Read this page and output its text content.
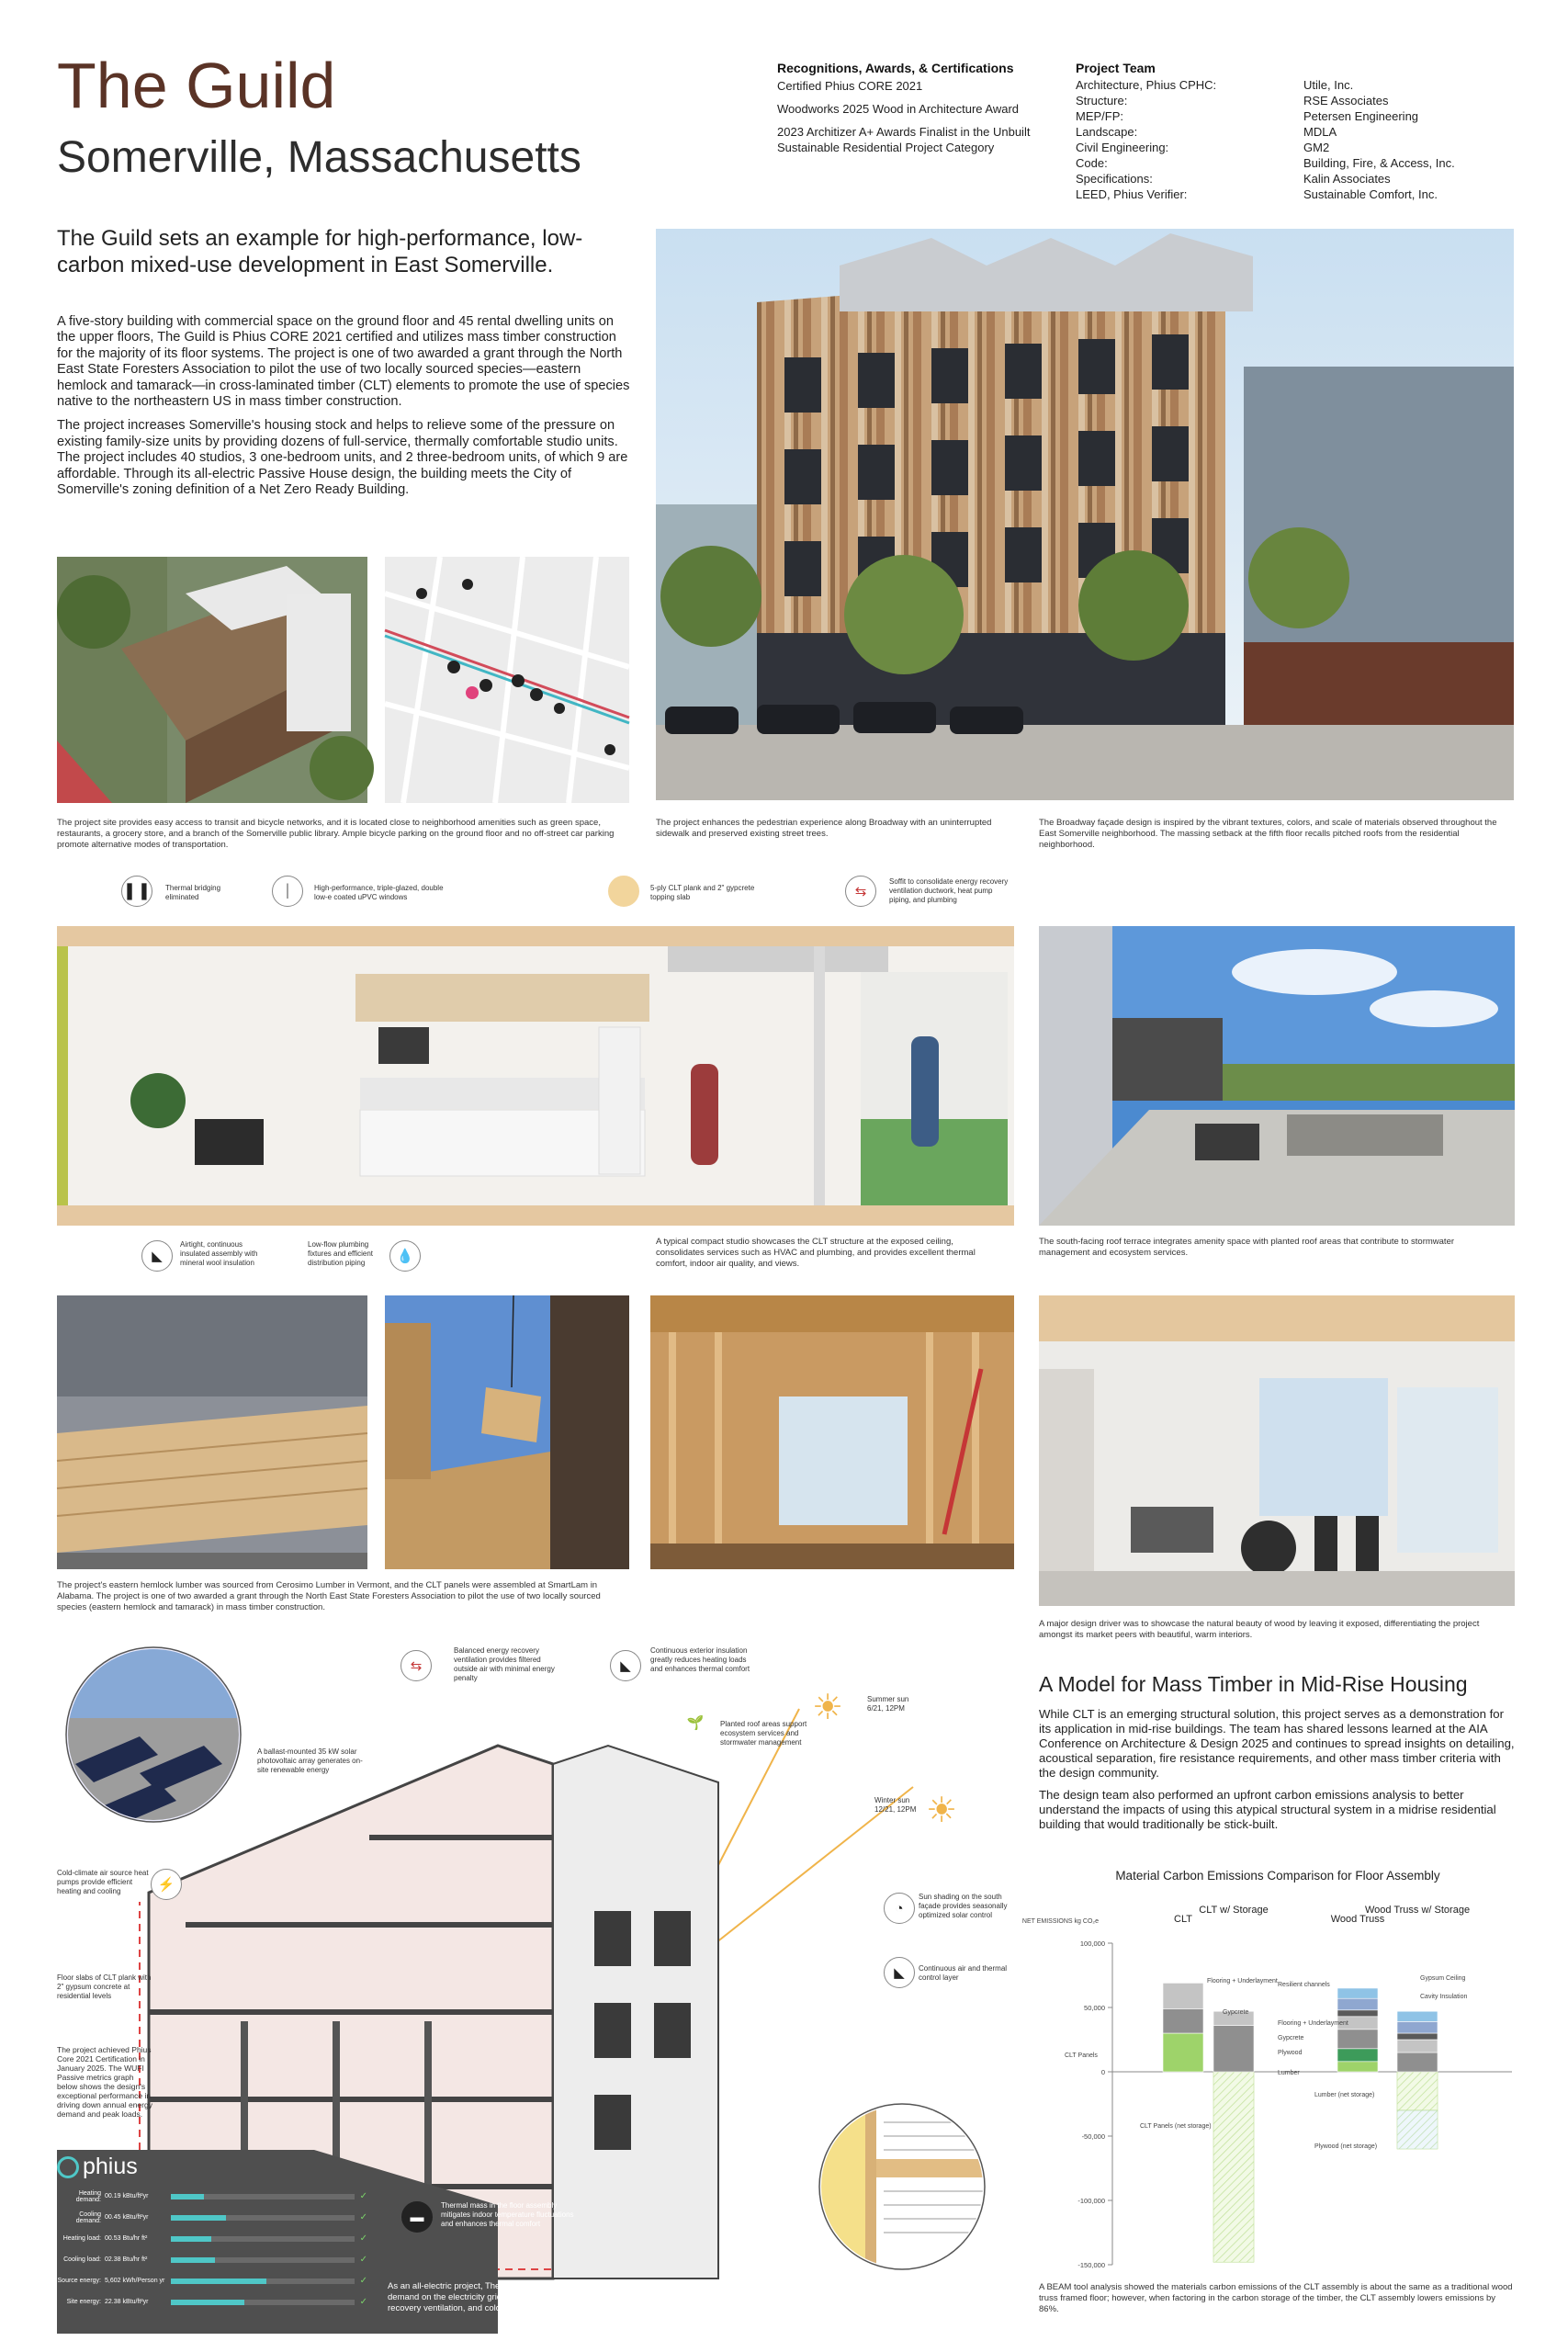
The Guild
Somerville, Massachusetts
Recognitions, Awards, & Certifications
Certified Phius CORE 2021
Woodworks 2025 Wood in Architecture Award
2023 Architizer A+ Awards Finalist in the Unbuilt Sustainable Residential Project Category
Project Team
Architecture, Phius CPHC:	Utile, Inc.
Structure:	RSE Associates
MEP/FP:	Petersen Engineering
Landscape:	MDLA
Civil Engineering:	GM2
Code:	Building, Fire, & Access, Inc.
Specifications:	Kalin Associates
LEED, Phius Verifier:	Sustainable Comfort, Inc.
The Guild sets an example for high-performance, low-carbon mixed-use development in East Somerville.

A five-story building with commercial space on the ground floor and 45 rental dwelling units on the upper floors, The Guild is Phius CORE 2021 certified and utilizes mass timber construction for the majority of its floor systems. The project is one of two awarded a grant through the North East State Foresters Association to pilot the use of two locally sourced species—eastern hemlock and tamarack—in cross-laminated timber (CLT) elements to promote the use of species native to the northeastern US in mass timber construction.

The project increases Somerville's housing stock and helps to relieve some of the pressure on existing family-size units by providing dozens of full-service, thermally comfortable studio units. The project includes 40 studios, 3 one-bedroom units, and 2 three-bedroom units, of which 9 are affordable. Through its all-electric Passive House design, the building meets the City of Somerville's zoning definition of a Net Zero Ready Building.

The project site provides easy access to transit and bicycle networks, and it is located close to neighborhood amenities such as green space, restaurants, a grocery store, and a branch of the Somerville public library. Ample bicycle parking on the ground floor and no off-street car parking promote alternative modes of transportation.
The project enhances the pedestrian experience along Broadway with an uninterrupted sidewalk and preserved existing street trees.
The Broadway façade design is inspired by the vibrant textures, colors, and scale of materials observed throughout the East Somerville neighborhood. The massing setback at the fifth floor recalls pitched roofs from the residential neighborhood.
▌▐	Thermal bridging eliminated	⏐	High-performance, triple-glazed, double low-e coated uPVC windows
5-ply CLT plank and 2" gypcrete topping slab	⇆
Soffit to consolidate energy recovery ventilation ductwork, heat pump piping, and plumbing
◣
Airtight, continuous insulated assembly with mineral wool insulation	💧
Low-flow plumbing fixtures and efficient distribution piping
A typical compact studio showcases the CLT structure at the exposed ceiling, consolidates services such as HVAC and plumbing, and provides excellent thermal comfort, indoor air quality, and views.
The south-facing roof terrace integrates amenity space with planted roof areas that contribute to stormwater management and ecosystem services.
The project's eastern hemlock lumber was sourced from Cerosimo Lumber in Vermont, and the CLT panels were assembled at SmartLam in Alabama. The project is one of two awarded a grant through the North East State Foresters Association to pilot the use of two locally sourced species (eastern hemlock and tamarack) in mass timber construction.
A major design driver was to showcase the natural beauty of wood by leaving it exposed, differentiating the project amongst its market peers with beautiful, warm interiors.
⇆
Balanced energy recovery ventilation provides filtered outside air with minimal energy penalty
◣
Continuous exterior insulation greatly reduces heating loads and enhances thermal comfort
A ballast-mounted 35 kW solar photovoltaic array generates on-site renewable energy
🌱	Planted roof areas support ecosystem services and stormwater management
☀	Summer sun 6/21, 12PM
☀
Winter sun 12/21, 12PM
⚡
Cold-climate air source heat pumps provide efficient heating and cooling
◔
Sun shading on the south façade provides seasonally optimized solar control
◣	Continuous air and thermal control layer
Floor slabs of CLT plank with 2" gypsum concrete at residential levels
The project achieved Phius Core 2021 Certification in January 2025. The WUFI Passive metrics graph below shows the design's exceptional performance in driving down annual energy demand and peak loads.
phius
Heating demand: 00.19 kBtu/ft²yr	✓
Cooling demand: 00.45 kBtu/ft²yr	✓
Heating load: 00.53 Btu/hr ft²	✓
Cooling load: 02.38 Btu/hr ft²	✓
Source energy: 5,602 kWh/Person yr	✓
Site energy: 22.38 kBtu/ft²yr	✓
▬
Thermal mass in the floor assembly mitigates indoor temperature fluctuations and enhances thermal comfort
As an all-electric project, The Guild has zero on-site fossil fuel combustion and greatly lowers demand on the electricity grid through an efficient, airtight envelope, high-performance energy recovery ventilation, and cold-climate heat pumps.	Wall-to-Floor Intersection at CLT Assembly
A Model for Mass Timber in Mid-Rise Housing

While CLT is an emerging structural solution, this project serves as a demonstration for its application in mid-rise buildings. The team has shared lessons learned at the AIA Conference on Architecture & Design 2025 and continues to spread insights on detailing, acoustical separation, fire resistance requirements, and other mass timber criteria with the design community.

The design team also performed an upfront carbon emissions analysis to better understand the impacts of using this atypical structural system in a midrise residential building that would traditionally be stick-built.

Material Carbon Emissions Comparison for Floor Assembly
NET EMISSIONS kg CO₂e
100,000
50,000
0
-50,000
-100,000
-150,000
CLT
CLT w/ Storage
Wood Truss
Wood Truss w/ Storage
Flooring + Underlayment
Gypcrete
CLT Panels
CLT Panels (net storage)
Resilient channels
Gypsum Ceiling
Cavity Insulation
Flooring + Underlayment
Gypcrete
Plywood
Lumber
Lumber (net storage)
Plywood (net storage)
A BEAM tool analysis showed the materials carbon emissions of the CLT assembly is about the same as a traditional wood truss framed floor; however, when factoring in the carbon storage of the timber, the CLT assembly lowers emissions by 86%.
